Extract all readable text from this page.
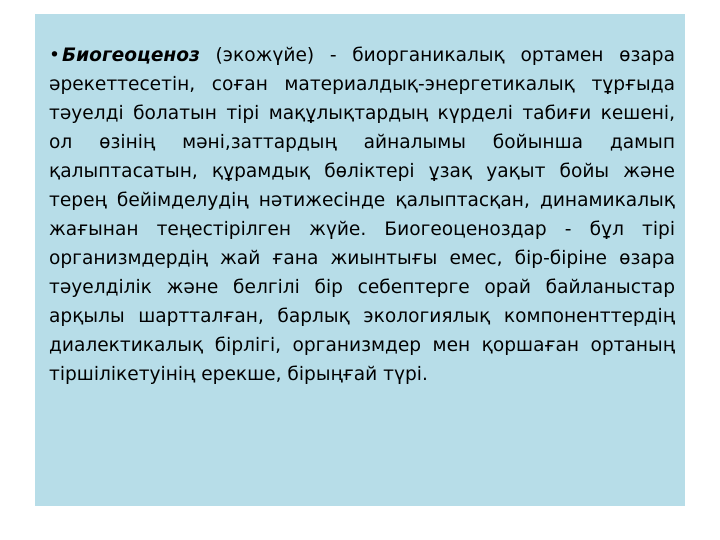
• Биогеоценоз (экожүйе) - биорганикалық ортамен өзара әрекеттесетін, соған материалдық-энергетикалық тұрғыда тәуелді болатын тірі мақұлықтардың күрделі табиғи кешені, ол өзінің мәні,заттардың айналымы бойынша дамып қалыптасатын, құрамдық бөліктері ұзақ уақыт бойы және терең бейімделудің нәтижесінде қалыптасқан, динамикалық жағынан теңестірілген жүйе. Биогеоценоздар - бұл тірі организмдердің жай ғана жиынтығы емес, бір-біріне өзара тәуелділік және белгілі бір себептерге орай байланыстар арқылы шартталған, барлық экологиялық компоненттердің диалектикалық бірлігі, организмдер мен қоршаған ортаның тіршілікетуінің ерекше, бірыңғай түрі.
